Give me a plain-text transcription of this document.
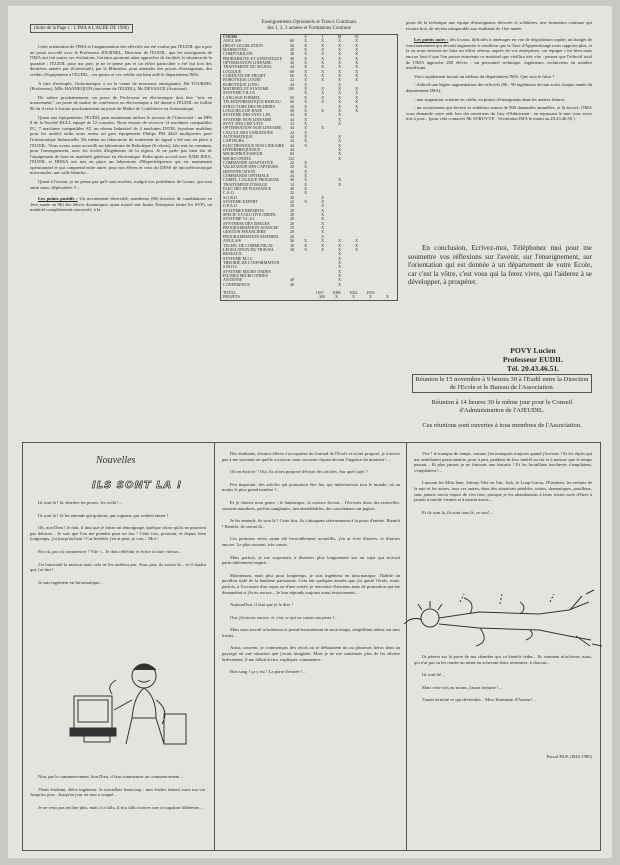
(Suite de la Page 1 : L'IMA A L'AUBE DE 1986)

Cette orientation de l'IMA et l'augmentation des effectifs ont été voulus par l'EUDIL qui a pris un poste accordé avec le Professeur JOURNEL, Directeur de l'EUDIL, que les enseignants de l'IMA ont fait toutes ces évolutions. Certains pourront ainsi approcher de facilités la situation de la quantité ; l'EUDIL pour ma part, je ne le pense pas et un effort particulier a été fait lors des dernières années par (Université), par le Ministère, pour atteindre des postes d'enseignants, des crédits d'équipement à l'EUDIL ; ces postes et ces crédits ont bien aidé le département IMA.

A titre d'exemple, l'informatique a vu la venue de nouveaux enseignants, Mr TOURSEL (Professeur), Mlle HANNEQUIN (ancienne de l'EUDIL), Mr DEVANCE (Assistant).

De même prochainement, un poste de Professeur en électronique doit être "mis en mouvement", un poste de maître de conférence en électronique a été donné à l'EUDIL en faillite 86 où il reste à fournir prochainement un poste de Maître de Conférence en Automatique.

Quant aux équipements, l'EUDIL peut maintenant utiliser le serveur de l'Université : un DPS 8 de la Société BULL équipé de 12 consoles. Nous venons de recevoir 14 machines compatibles PC, 7 machines compatibles AT, un réseau Industriel de 4 machines INTEL (système multibus pour les unités) enfin nous avons un gros équipement Philips PM 4422 multipostes pour l'informatique Industrielle. De même un laboratoire de traitement de signal a été mis en place à l'EUDIL. Nous avons aussi accueilli un laboratoire de Robotique (6 robots), lalo mis en commun, pour l'enseignement, avec les écoles d'ingénieurs de la région. Je ne parle pas bien sûr de l'équipement de base en matériels généraux en électronique. Enfin après accord avec IUER IEEA, l'EUDIL et IREEA ont mis en place un laboratoire d'Hyperfréquence qui est maintenant opérationnel et qui comprend entre autre, pour nos élèves et ceux du DESS de microélectronique micronodes, une salle blanche...

Quant à l'avenir, je ne pense pas qu'il sont morbes, malgré nos problèmes de locaux, qui sont entre nous, déplorables !!...

Les points positifs : Un recrutement diversifié, nombreux (86) dossiers de candidatures en 1ère année en 86) des élèves dynamiques ayant monté une Junior Entreprise (entre les SVP), un matériel complètement renouvelé, à la

Enseignements Optionnels et Troncs Communs
des 1, 2, 3 années et Formations Continue
COURS		A	I	M	IA
ANGLAIS	60	X	X	X	X
DROIT LEGISLATION	30	X	X	X	X
MARKETING	20	X	X	X	X
COMPTABILITE	40	X	X	X	X
PROBABILITE ET STATISTIQUE	40	X	X	X	X
OPTIMISATION LINEAIRE	44	X	X	X	X
TRAITEMENT DU SIGNAL	44	X	X	X	X
LOGIQUE	60	X	X	X	X
CONDUITE DE PROJET	60	X	X	X	X
ROBOTIQUE COURT	22	X	X	X	X
ROBOTIQUE LONG	44	X		X	
MATERIEL ET SYSTEME	100	X	X	X	X
SYSTEME T.R.I.A		X	X	X	X
LANGAGE FORMEL	56	X	X	X	X
TELEINFORMATIQUE RESEAU	60	X	X	X	X
STRUCTURE DES FICHIERS	30	X		X	X
LOGICIELS DE BASE	60	X	X	X	X
SYSTEME DES SYST. LIN.	44	X		X	
SYSTEME NON LINEAIRE	44	X		X	
SYNT. DES CIRCUITS	33	X		X	
OPTIMISATION NON LINEAIRE	44	X	X		
CALCUL DES VARIATIONS	24	X			
AUTOMATIQUE	44	X		X	
CAPTEURS	24	X		X	
ELECTRONIQUE NON LINEAIRE	44	X		X	
HYPERFREQUENCE	44			X	
MICROPROCESSEUR	84			X	
MICRO ONDES	122			X	
COMMANDE ADAPTATIVE	22	X			
VALIDATION DES CAPTEURS	20	X			
IDENTIFICATION	40	X			
COMMANDE OPTIMALE	44	X			
COMPL. LOGIQUE PROGRAM.	40	X		X	
TRAITEMENT D'IMAGE	14	X		X	
ELECTRO DE PUISSANCE	40	X			
C.A.O.	22	X			
S.G.B.D.	40		X		
SYSTEME EXPERT	22	X	X		
G.P.A.O.	20		X		
SYSTEMES REPARTIS	20		X		
SPECIF. EVOLUTIVE ORDIN.	20		X		
SYSTEME V.L.S.I	20		X		
SYNTHESE DES IMAGES	20		X		
PROGRAMMATION AVANCEE	25		X		
GESTION FINANCIERE	20		X		
PROGRAMMATION MATHEM.	20		X		
ANGLAIS	30	X	X	X	X
TECHN. DE COMMUNICAT.	30	X	X	X	X
LEGISLATION DU TRAVAIL	30	X	X	X	X
RESEAUX				X	
SYSTEME M.LC				X	
THEORIE DE L'INFORMATION				X	
S.M.O.C				X	
SYSTEME MICRO ONDES				X	
FILTRES MICRO ONDES				X	
ANTENNE	40			X	
CONFERENCE	40			X	
TOTAL	1167	1086	1022	1053	
PROJETS	300	X	X	X	X

poste de la technique une équipe d'enseignants dévoués et solidaires, une formation continue qui recrute bon, de niveau comparable aux étudiants de 1ère année.

Les points noirs : des locaux, difficiles à aménager en vue de dégradation rapide, un budget de fonctionnement qui devrait augmenter à condition que la Taxe d'Apprentissage nous rapporte plus, et la ou nous devions de faire un effort sérieux auprès de vos entreprises, car équiper c'est bien mais encore faut-il que l'on puisse entretenir ce matériel que vieillira très vite : pensez que l'effectif total de l'IMA approche 200 élèves ; un personnel technique, ingénieurs, techniciens en nombre insuffisant.

Voici rapidement brossé un tableau du département IMA. Que sera le futur ?

- d'abord une légère augmentation des effectifs (86 - 90 ingénieurs devant sortir chaque année du département IMA).

- une stagnation certaine en crédit, en postes d'enseignants dans les années futures.

- un recrutement qui devrait se stabiliser autour de 900 demandes annuelles, et là encore, l'IMA vous demande votre aide lors des entretiens du Jury d'Admission : en repassant le mot vous serez mis à jour... (pour cela contacter Mr STRUYVE - Secrétariat IMA le matin au 20.43.46.50.)

En conclusion, Ecrivez-moi, Téléphonez moi pour me soumettre vos réflexions sur l'avenir, sur l'enseignement, sur l'orientation qui est donnée à un département de votre Ecole, car c'est la vôtre, c'est vous qui la ferez vivre, qui l'aiderez à se développer, à prospérer.
POVY Lucien
Professeur EUDIL
Tél. 20.43.46.51.
Réunion le 15 novembre à 9 heures 30 à l'Eudil entre la Direction de l'Ecole et le Bureau de l'Association.
Réunion à 14 heures 30 le même jour pour le Conseil d'Administration de l'AIEUDIL.
Ces réunions sont ouvertes à tous membres de l'Association.
Nouvelles
ILS SONT LA !

Ils sont là ! là, derrière les portes, les voilà !...

Ils sont là ! Je les entends qui grattent, qui cognent, qui veulent entrer !

Oh, non Dieu ! le doit, il faut que je laisse un témoignage, quelque chose qu'ils ne pourront pas détruire... Je sais que l'on me prendra pour un fou ! Cette fois, pourtant, et depuis bien longtemps, j'ai jusqu'au bout ! Car hiérétés j'en ai peur, je vais... Moi !

Par où, par où commencer ? Vite !... Je dois réfléchir et écrire à toute vitesse...

J'ai barricadé la maison mais cela ne les arrêtera pas. Sous peu, ils seront là... et il faudra que j'ai fini !

Je suis ingénieur en Informatique...

Non, par le commencement, bon Dieu, il faut commencer au commencement...

J'étais étudiant, élève ingénieur. Je travaillais beaucoup : mes études étaient toute ma vie. Jusqu'au jour... Jusqu'au jour où tout a craqué...

Je ne veux pas en dire plus, mais il a fallu, il m'a fallu trouver une occupation différente...

Des étudiants, d'autres élèves s'occupaient du Journal de l'Ecole et m'ont proposé, je n'arrive pas à me souvenir en quelle occasion, mais souvenir fuyant devant l'urgence du moment !...

Où en étais-je ? Oui, ils m'ont proposé d'écrire des articles. Sur quel sujet ?

Peu importait, des articles qui pourraient être lus, qui intéresseront tout le monde, où au moins le plus grand nombre !...

Et je choisis mon genre : le fantastique, la science fiction... J'écrivais donc des nouvelles, souvent macabres, parfois sanglantes, invraisemblables, des cauchemars sur papier...

Je les entends, ils sont là ! Cette fois, ils s'attaquent sérieusement à la porte d'entrée. Bientôt ! Bientôt, ils seront là...

Ces premiers récits ayant été favorablement accueillis, j'en ai écrit d'autres, et d'autres encore. Le plus souvent, très courts.

Mais parfois, je me surprenais à disserter plus longuement sur un sujet qui m'avait particulièrement inspiré...

Maintenant, mais plus pour longtemps, je suis ingénieur en informatique. J'habite un pavillon isolé de la banlieue parisienne. Cela fait quelques années que j'ai quitté l'école, mais, parfois, à l'occasion d'un repas ou d'une soirée, je rencontre d'anciens amis de promotion qui me demandent si j'écris encore... Je leur réponds toujours aussi évasivement...

Aujourd'hui, il faut que je le dise !

Oui, j'écrivais encore, et c'est ce qui va causer ma perte !...

Mais mon travail m'intéresse et prend énormément de mon temps, simplifiant même sur mes loisirs...

Aussi, souvent, je commençais des récits où se débattaient un ou plusieurs héros dans un paysage où une situation que j'avais imaginés. Mais je ne me contentais plus de les décrire brièvement, il me fallait écrire, expliquer, commenter...

Bon sang ! ça y est ! La porte d'entrée !...

Vite ! le manque de temps, comme j'en manquais toujours quand j'écrivais ! Et les répits qui me semblaient passionnants, pour à peu, pendant de leur intérêt au fur et à mesure que le temps passait... Et plus jamais je ne finissais une histoire ! Et les brouillons inachevés s'empilaient, s'empilaient !...

Laissant les Mila Jane, Johnny Tête en l'air, Jack, le Loup-Garou, l'Ermitien, les enfants de la nuit et les autres, tous ces autres, dans des situations pénibles, tristes, dramatiques, pouilleux, sans jamais savoir espoir de s'en tirer, puisque je les abandonnais à leurs tristes sorts d'êtres à jamais à moitié vivants et à moitié morts...

Et ils sont là, ils sont tous là, ce soir!...

Ils pèsent sur la porte de ma chambre qui va bientôt céder... Ils viennent m'achever, mais, qui n'ai pas su les rendre au néant en achevant leurs aventures, à chacun...

Ils sont là!...

Mais cette fois au moins, j'aurai terminé !...

J'aurai terminé ce qui deviendra... Mon Testament d'Auteur!...

Pascal HUE (IMA 1985)
